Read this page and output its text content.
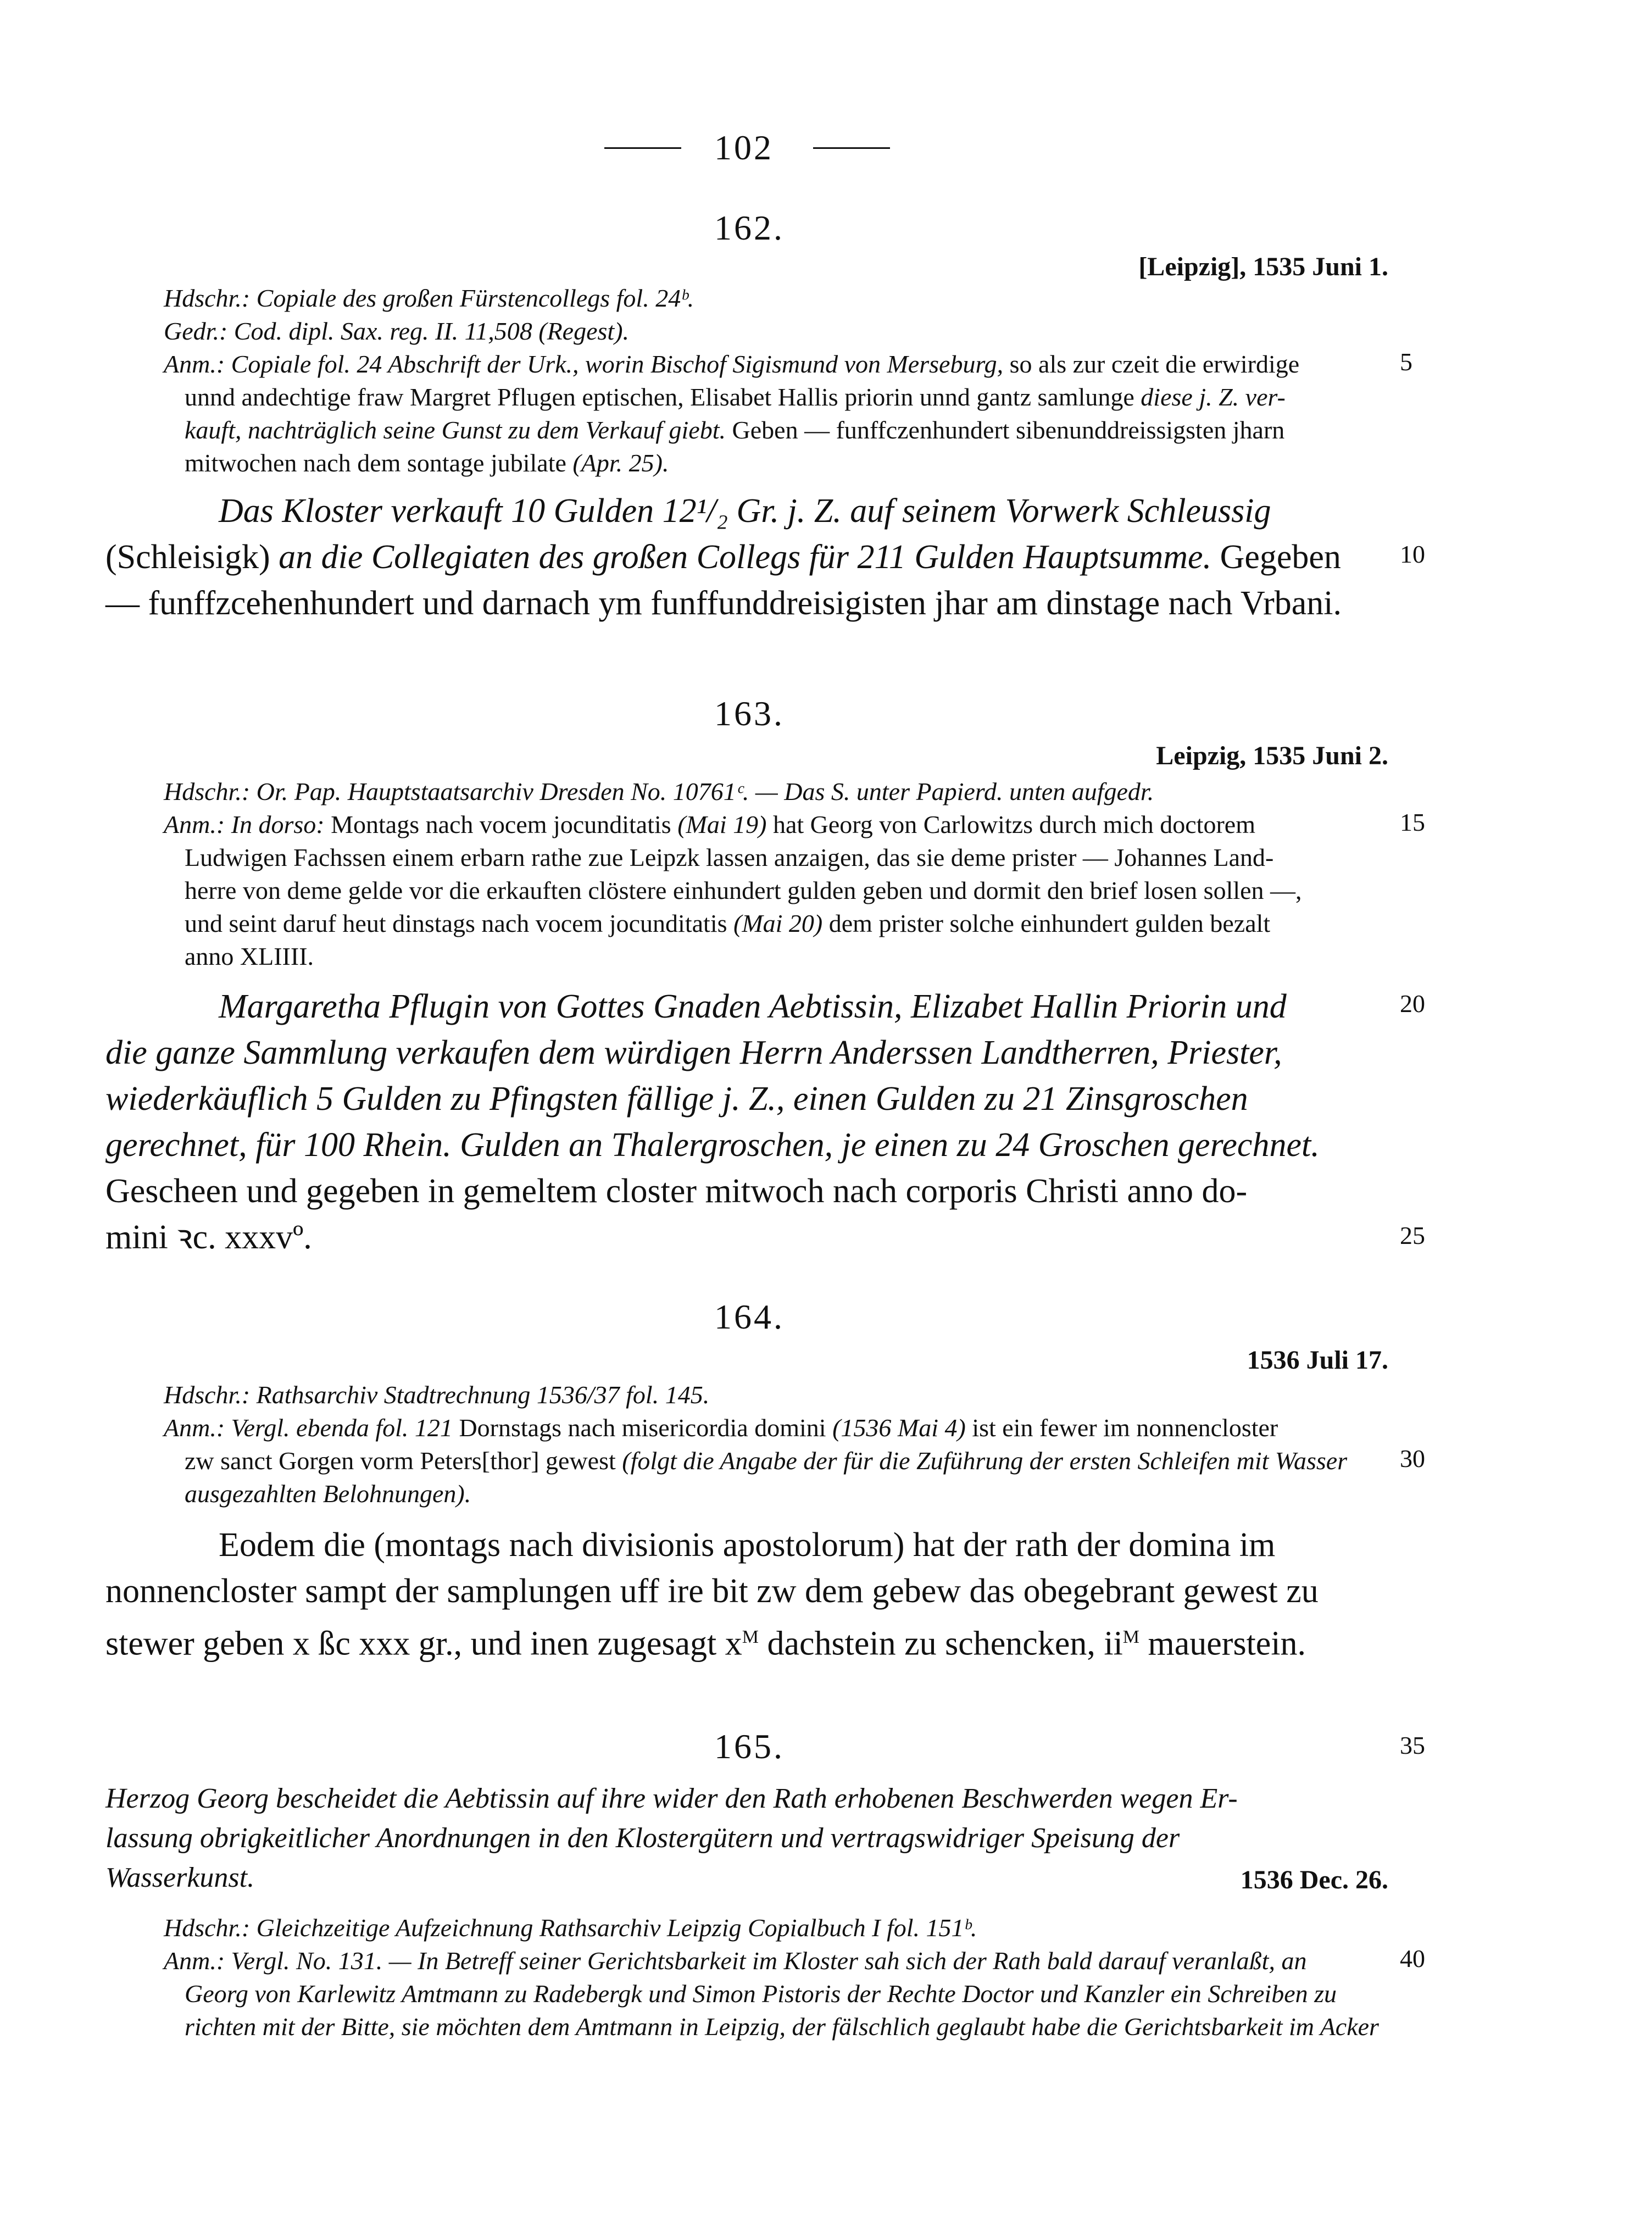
102
162.
[Leipzig], 1535 Juni 1.
Hdschr.: Copiale des großen Fürstencollegs fol. 24ᵇ.
Gedr.: Cod. dipl. Sax. reg. II. 11,508 (Regest).
Anm.: Copiale fol. 24 Abschrift der Urk., worin Bischof Sigismund von Merseburg, so als zur czeit die erwirdige
unnd andechtige fraw Margret Pflugen eptischen, Elisabet Hallis priorin unnd gantz samlunge diese j. Z. ver-
kauft, nachträglich seine Gunst zu dem Verkauf giebt. Geben — funffczenhundert sibenunddreissigsten jharn
mitwochen nach dem sontage jubilate (Apr. 25).
Das Kloster verkauft 10 Gulden 12¹/₂ Gr. j. Z. auf seinem Vorwerk Schleussig
(Schleisigk) an die Collegiaten des großen Collegs für 211 Gulden Hauptsumme. Gegeben
— funffzcehenhundert und darnach ym funffunddreisigisten jhar am dinstage nach Vrbani.
163.
Leipzig, 1535 Juni 2.
Hdschr.: Or. Pap. Hauptstaatsarchiv Dresden No. 10761ᶜ. — Das S. unter Papierd. unten aufgedr.
Anm.: In dorso: Montags nach vocem jocunditatis (Mai 19) hat Georg von Carlowitzs durch mich doctorem
Ludwigen Fachssen einem erbarn rathe zue Leipzk lassen anzaigen, das sie deme prister — Johannes Land-
herre von deme gelde vor die erkauften clöstere einhundert gulden geben und dormit den brief losen sollen —,
und seint daruf heut dinstags nach vocem jocunditatis (Mai 20) dem prister solche einhundert gulden bezalt
anno XLIIII.
Margaretha Pflugin von Gottes Gnaden Aebtissin, Elizabet Hallin Priorin und
die ganze Sammlung verkaufen dem würdigen Herrn Anderssen Landtherren, Priester,
wiederkäuflich 5 Gulden zu Pfingsten fällige j. Z., einen Gulden zu 21 Zinsgroschen
gerechnet, für 100 Rhein. Gulden an Thalergroschen, je einen zu 24 Groschen gerechnet.
Gescheen und gegeben in gemeltem closter mitwoch nach corporis Christi anno do-
mini ꝛc. xxxvº.
164.
1536 Juli 17.
Hdschr.: Rathsarchiv Stadtrechnung 1536/37 fol. 145.
Anm.: Vergl. ebenda fol. 121 Dornstags nach misericordia domini (1536 Mai 4) ist ein fewer im nonnencloster
zw sanct Gorgen vorm Peters[thor] gewest (folgt die Angabe der für die Zuführung der ersten Schleifen mit Wasser
ausgezahlten Belohnungen).
Eodem die (montags nach divisionis apostolorum) hat der rath der domina im
nonnencloster sampt der samplungen uff ire bit zw dem gebew das obegebrant gewest zu
stewer geben x ßc xxx gr., und inen zugesagt $x^M$ dachstein zu schencken, $ii^M$ mauerstein.
165.
Herzog Georg bescheidet die Aebtissin auf ihre wider den Rath erhobenen Beschwerden wegen Er-
lassung obrigkeitlicher Anordnungen in den Klostergütern und vertragswidriger Speisung der
Wasserkunst.	1536 Dec. 26.
Hdschr.: Gleichzeitige Aufzeichnung Rathsarchiv Leipzig Copialbuch I fol. 151ᵇ.
Anm.: Vergl. No. 131. — In Betreff seiner Gerichtsbarkeit im Kloster sah sich der Rath bald darauf veranlaßt, an
Georg von Karlewitz Amtmann zu Radebergk und Simon Pistoris der Rechte Doctor und Kanzler ein Schreiben zu
richten mit der Bitte, sie möchten dem Amtmann in Leipzig, der fälschlich geglaubt habe die Gerichtsbarkeit im Acker
5
10
15
20
25
30
35
40
